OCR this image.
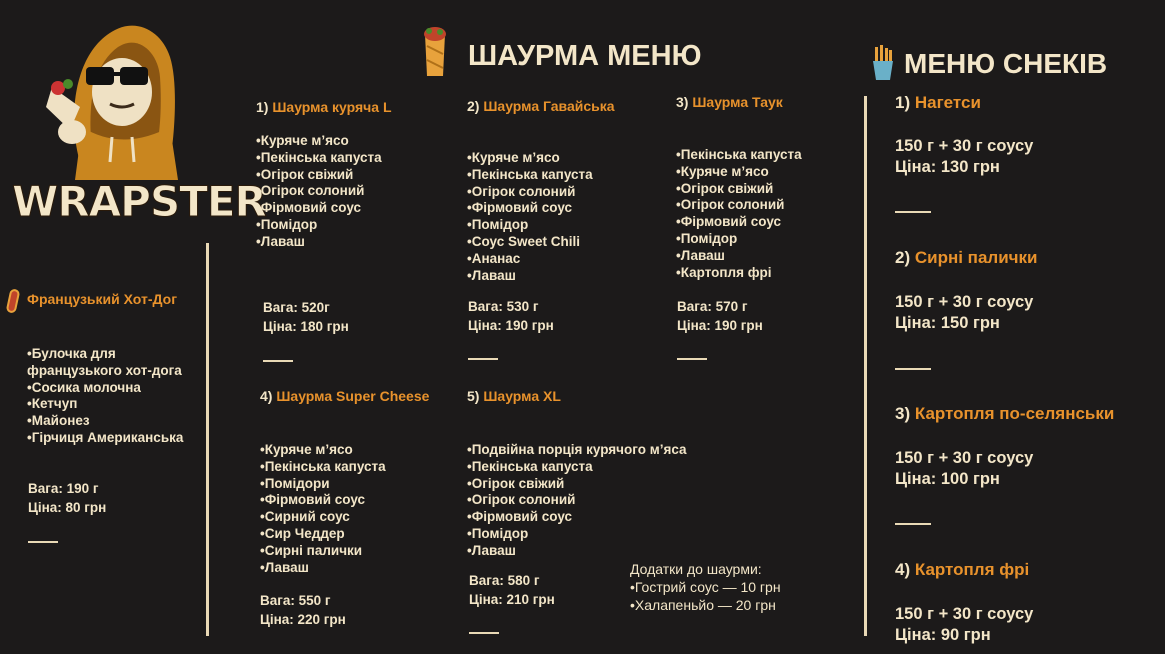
WRAPSTER
Французький Хот-Дог
•Булочка для
французького хот-дога
•Сосика молочна
•Кетчуп
•Майонез
•Гірчиця Американська
Вага: 190 г
Ціна: 80 грн
ШАУРМА МЕНЮ
1) Шаурма куряча L
•Куряче м’ясо
•Пекінська капуста
•Огірок свіжий
•Огірок солоний
•Фірмовий соус
•Помідор
•Лаваш
Вага: 520г
Ціна: 180 грн
2) Шаурма Гавайська
•Куряче м’ясо
•Пекінська капуста
•Огірок солоний
•Фірмовий соус
•Помідор
•Соус Sweet Chili
•Ананас
•Лаваш
Вага: 530 г
Ціна: 190 грн
3) Шаурма Таук
•Пекінська капуста
•Куряче м’ясо
•Огірок свіжий
•Огірок солоний
•Фірмовий соус
•Помідор
•Лаваш
•Картопля фрі
Вага: 570 г
Ціна: 190 грн
4) Шаурма Super Cheese
•Куряче м’ясо
•Пекінська капуста
•Помідори
•Фірмовий соус
•Сирний соус
•Сир Чеддер
•Сирні палички
•Лаваш
Вага: 550 г
Ціна: 220 грн
5) Шаурма XL
•Подвійна порція курячого м’яса
•Пекінська капуста
•Огірок свіжий
•Огірок солоний
•Фірмовий соус
•Помідор
•Лаваш
Вага: 580 г
Ціна: 210 грн
Додатки до шаурми:
•Гострий соус — 10 грн
•Халапеньйо — 20 грн
МЕНЮ СНЕКІВ
1) Нагетси
150 г + 30 г соусу
Ціна: 130 грн
2) Сирні палички
150 г + 30 г соусу
Ціна: 150 грн
3) Картопля по-селянськи
150 г + 30 г соусу
Ціна: 100 грн
4) Картопля фрі
150 г + 30 г соусу
Ціна: 90 грн
